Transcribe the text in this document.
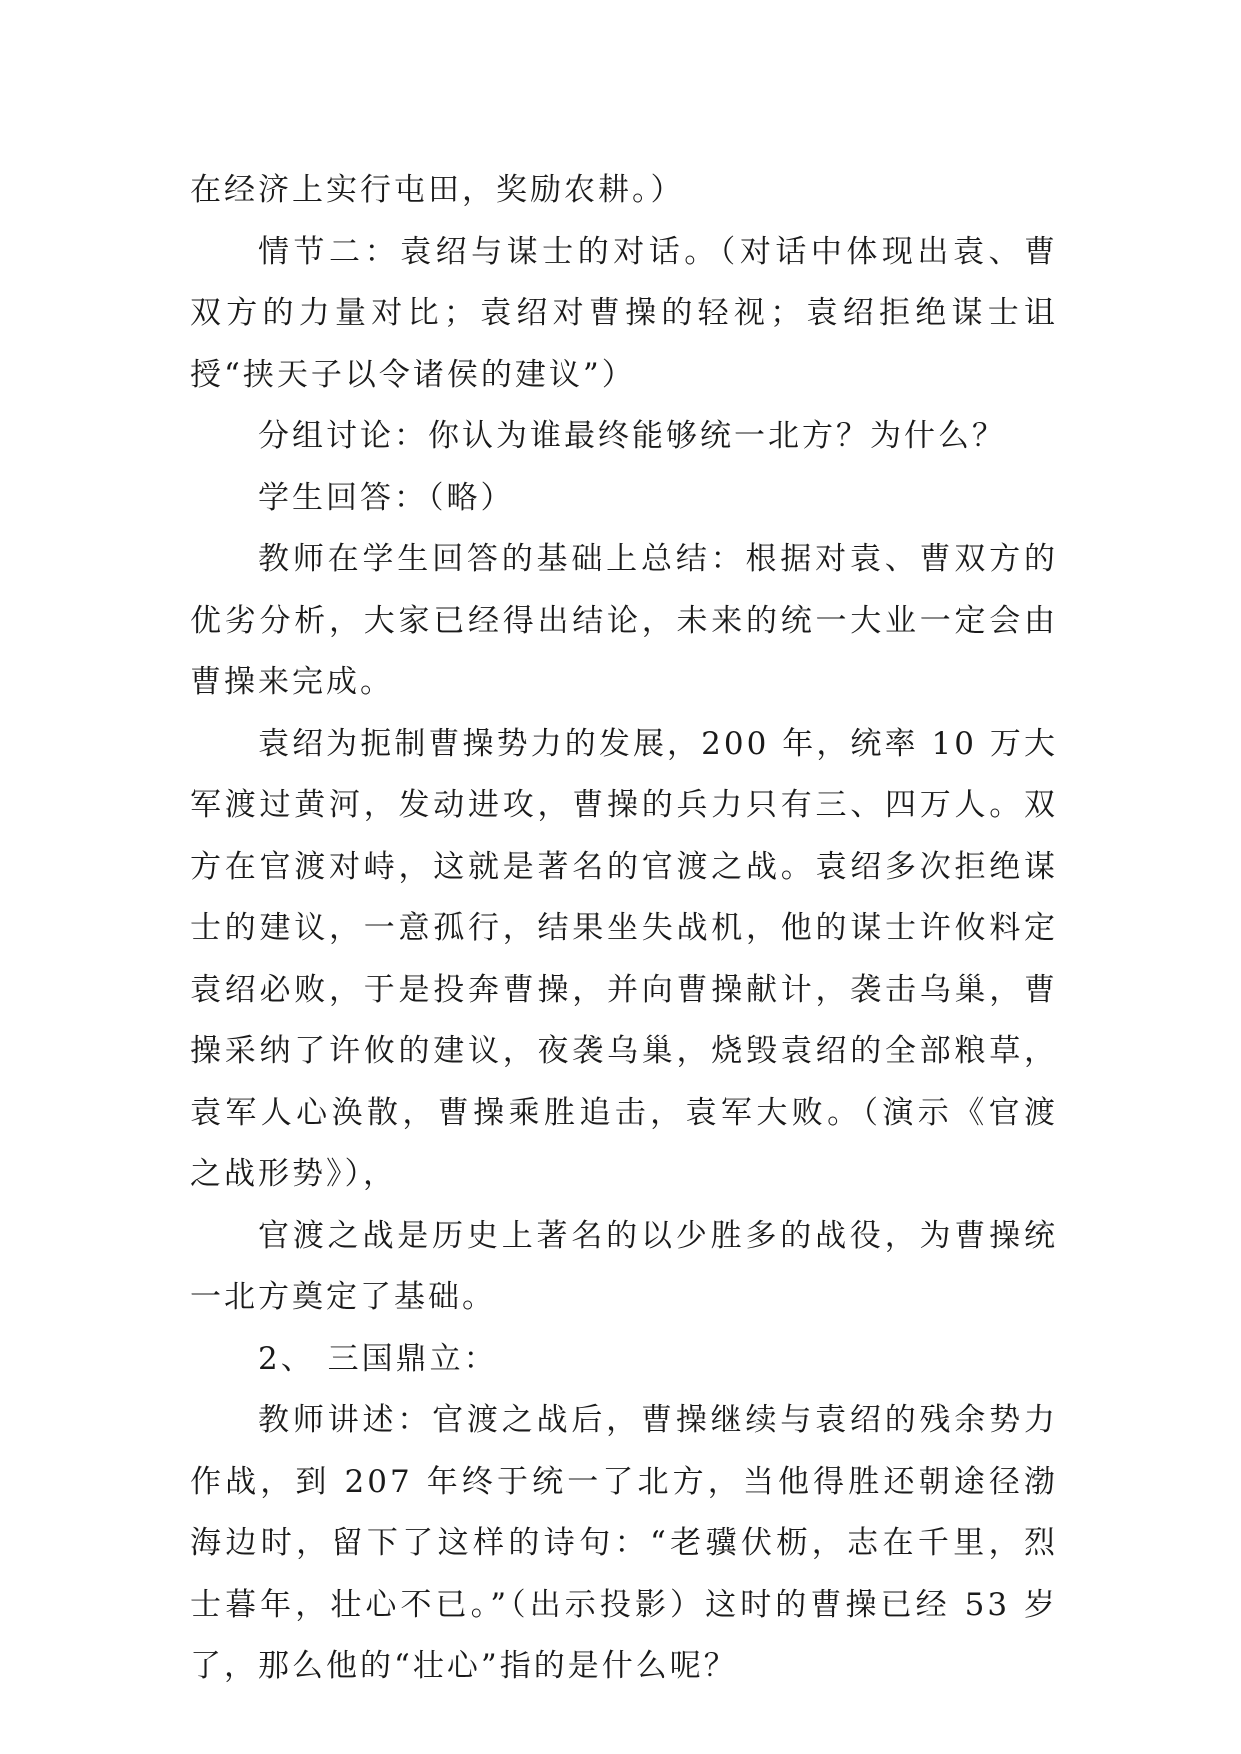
在经济上实行屯田，奖励农耕。）

情节二：袁绍与谋士的对话。（对话中体现出袁、曹双方的力量对比；袁绍对曹操的轻视；袁绍拒绝谋士诅授“挟天子以令诸侯的建议”）

分组讨论：你认为谁最终能够统一北方？为什么？

学生回答：（略）

教师在学生回答的基础上总结：根据对袁、曹双方的优劣分析，大家已经得出结论，未来的统一大业一定会由曹操来完成。

袁绍为扼制曹操势力的发展，200 年，统率 10 万大军渡过黄河，发动进攻，曹操的兵力只有三、四万人。双方在官渡对峙，这就是著名的官渡之战。袁绍多次拒绝谋士的建议，一意孤行，结果坐失战机，他的谋士许攸料定袁绍必败，于是投奔曹操，并向曹操献计，袭击乌巢，曹操采纳了许攸的建议，夜袭乌巢，烧毁袁绍的全部粮草，袁军人心涣散，曹操乘胜追击，袁军大败。（演示《官渡之战形势》），

官渡之战是历史上著名的以少胜多的战役，为曹操统一北方奠定了基础。

2、 三国鼎立：

教师讲述：官渡之战后，曹操继续与袁绍的残余势力作战，到 207 年终于统一了北方，当他得胜还朝途径渤海边时，留下了这样的诗句：“老骥伏枥，志在千里，烈士暮年，壮心不已。”（出示投影）这时的曹操已经 53 岁了，那么他的“壮心”指的是什么呢？
